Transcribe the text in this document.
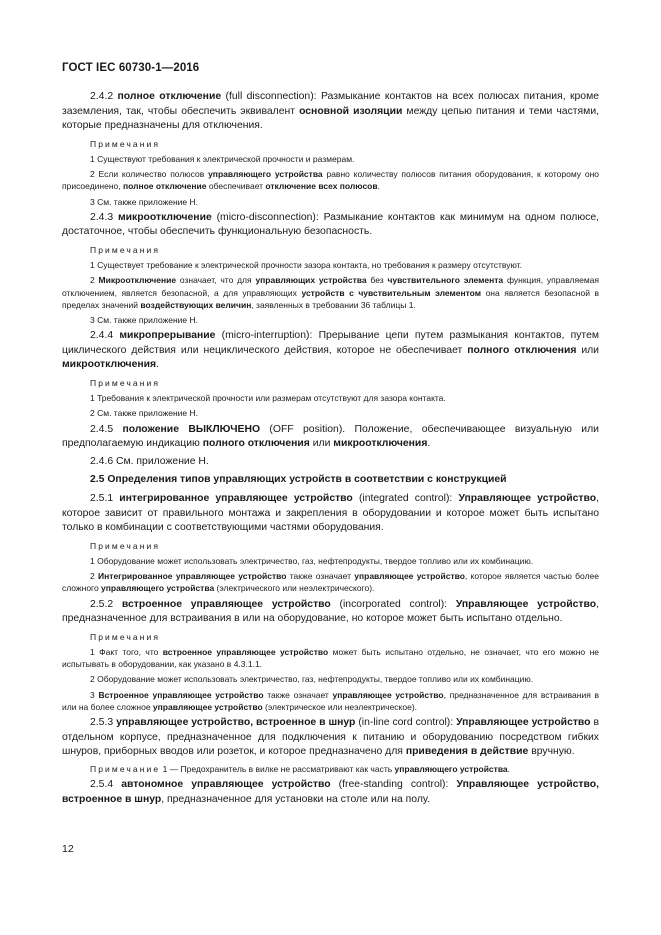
ГОСТ IEC 60730-1—2016
2.4.2 полное отключение (full disconnection): Размыкание контактов на всех полюсах питания, кроме заземления, так, чтобы обеспечить эквивалент основной изоляции между цепью питания и теми частями, которые предназначены для отключения.
Примечания
1 Существуют требования к электрической прочности и размерам.
2 Если количество полюсов управляющего устройства равно количеству полюсов питания оборудования, к которому оно присоединено, полное отключение обеспечивает отключение всех полюсов.
3 См. также приложение Н.
2.4.3 микроотключение (micro-disconnection): Размыкание контактов как минимум на одном полюсе, достаточное, чтобы обеспечить функциональную безопасность.
Примечания
1 Существует требование к электрической прочности зазора контакта, но требования к размеру отсутствуют.
2 Микроотключение означает, что для управляющих устройства без чувствительного элемента функция, управляемая отключением, является безопасной, а для управляющих устройств с чувствительным элементом она является безопасной в пределах значений воздействующих величин, заявленных в требовании 36 таблицы 1.
3 См. также приложение Н.
2.4.4 микропрерывание (micro-interruption): Прерывание цепи путем размыкания контактов, путем циклического действия или нециклического действия, которое не обеспечивает полного отключения или микроотключения.
Примечания
1 Требования к электрической прочности или размерам отсутствуют для зазора контакта.
2 См. также приложение Н.
2.4.5 положение ВЫКЛЮЧЕНО (OFF position). Положение, обеспечивающее визуальную или предполагаемую индикацию полного отключения или микроотключения.
2.4.6 См. приложение Н.
2.5 Определения типов управляющих устройств в соответствии с конструкцией
2.5.1 интегрированное управляющее устройство (integrated control): Управляющее устройство, которое зависит от правильного монтажа и закрепления в оборудовании и которое может быть испытано только в комбинации с соответствующими частями оборудования.
Примечания
1 Оборудование может использовать электричество, газ, нефтепродукты, твердое топливо или их комбинацию.
2 Интегрированное управляющее устройство также означает управляющее устройство, которое является частью более сложного управляющего устройства (электрического или неэлектрического).
2.5.2 встроенное управляющее устройство (incorporated control): Управляющее устройство, предназначенное для встраивания в или на оборудование, но которое может быть испытано отдельно.
Примечания
1 Факт того, что встроенное управляющее устройство может быть испытано отдельно, не означает, что его можно не испытывать в оборудовании, как указано в 4.3.1.1.
2 Оборудование может использовать электричество, газ, нефтепродукты, твердое топливо или их комбинацию.
3 Встроенное управляющее устройство также означает управляющее устройство, предназначенное для встраивания в или на более сложное управляющее устройство (электрическое или неэлектрическое).
2.5.3 управляющее устройство, встроенное в шнур (in-line cord control): Управляющее устройство в отдельном корпусе, предназначенное для подключения к питанию и оборудованию посредством гибких шнуров, приборных вводов или розеток, и которое предназначено для приведения в действие вручную.
Примечание 1 — Предохранитель в вилке не рассматривают как часть управляющего устройства.
2.5.4 автономное управляющее устройство (free-standing control): Управляющее устройство, встроенное в шнур, предназначенное для установки на столе или на полу.
12
